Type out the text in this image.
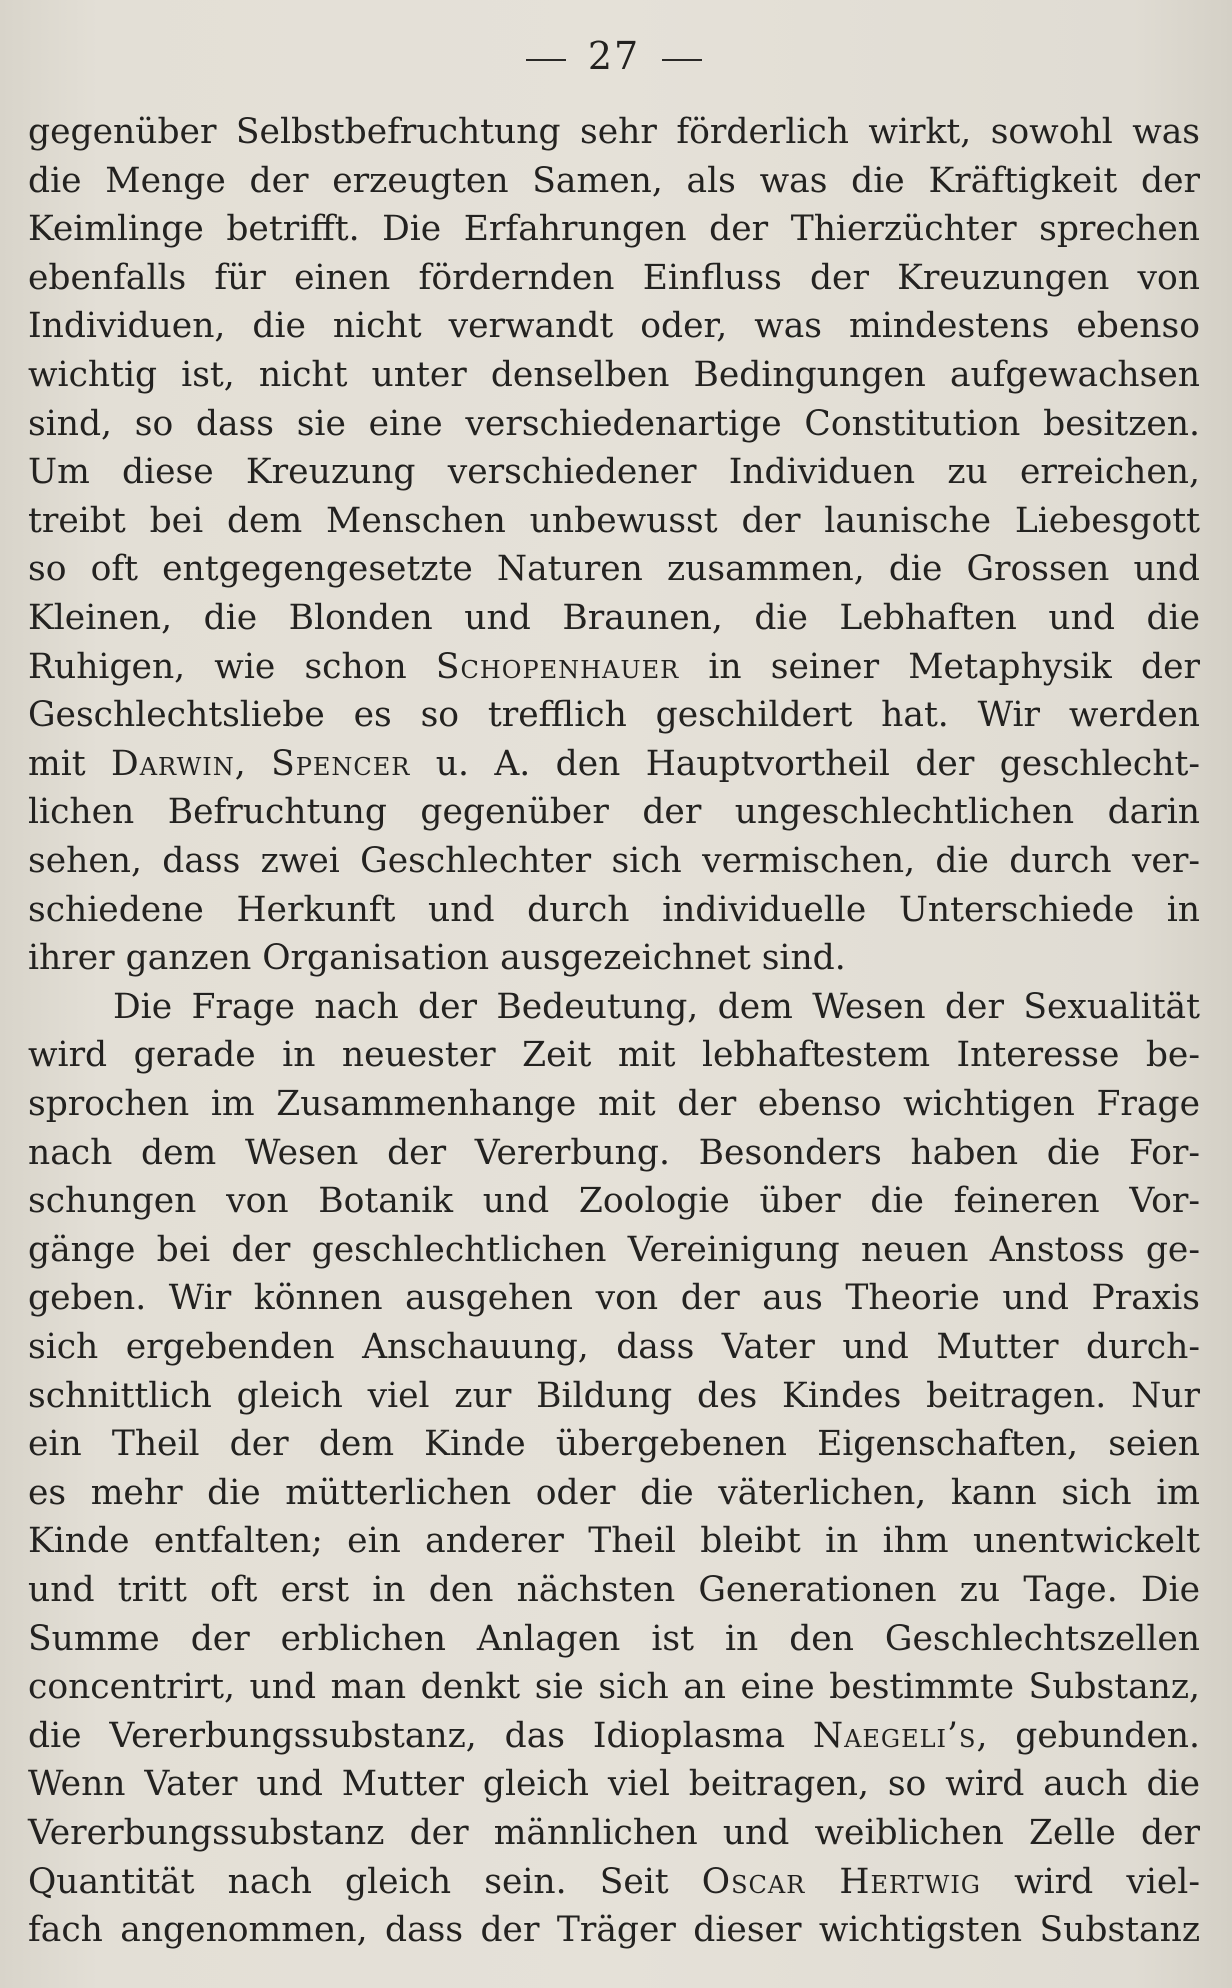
27
gegenüber Selbstbefruchtung sehr förderlich wirkt, sowohl was
die Menge der erzeugten Samen, als was die Kräftigkeit der
Keimlinge betrifft. Die Erfahrungen der Thierzüchter sprechen
ebenfalls für einen fördernden Einfluss der Kreuzungen von
Individuen, die nicht verwandt oder, was mindestens ebenso
wichtig ist, nicht unter denselben Bedingungen aufgewachsen
sind, so dass sie eine verschiedenartige Constitution besitzen.
Um diese Kreuzung verschiedener Individuen zu erreichen,
treibt bei dem Menschen unbewusst der launische Liebesgott
so oft entgegengesetzte Naturen zusammen, die Grossen und
Kleinen, die Blonden und Braunen, die Lebhaften und die
Ruhigen, wie schon Schopenhauer in seiner Metaphysik der
Geschlechtsliebe es so trefflich geschildert hat. Wir werden
mit Darwin, Spencer u. A. den Hauptvortheil der geschlecht-
lichen Befruchtung gegenüber der ungeschlechtlichen darin
sehen, dass zwei Geschlechter sich vermischen, die durch ver-
schiedene Herkunft und durch individuelle Unterschiede in
ihrer ganzen Organisation ausgezeichnet sind.
Die Frage nach der Bedeutung, dem Wesen der Sexualität
wird gerade in neuester Zeit mit lebhaftestem Interesse be-
sprochen im Zusammenhange mit der ebenso wichtigen Frage
nach dem Wesen der Vererbung. Besonders haben die For-
schungen von Botanik und Zoologie über die feineren Vor-
gänge bei der geschlechtlichen Vereinigung neuen Anstoss ge-
geben. Wir können ausgehen von der aus Theorie und Praxis
sich ergebenden Anschauung, dass Vater und Mutter durch-
schnittlich gleich viel zur Bildung des Kindes beitragen. Nur
ein Theil der dem Kinde übergebenen Eigenschaften, seien
es mehr die mütterlichen oder die väterlichen, kann sich im
Kinde entfalten; ein anderer Theil bleibt in ihm unentwickelt
und tritt oft erst in den nächsten Generationen zu Tage. Die
Summe der erblichen Anlagen ist in den Geschlechtszellen
concentrirt, und man denkt sie sich an eine bestimmte Substanz,
die Vererbungssubstanz, das Idioplasma Naegeli’s, gebunden.
Wenn Vater und Mutter gleich viel beitragen, so wird auch die
Vererbungssubstanz der männlichen und weiblichen Zelle der
Quantität nach gleich sein. Seit Oscar Hertwig wird viel-
fach angenommen, dass der Träger dieser wichtigsten Substanz
